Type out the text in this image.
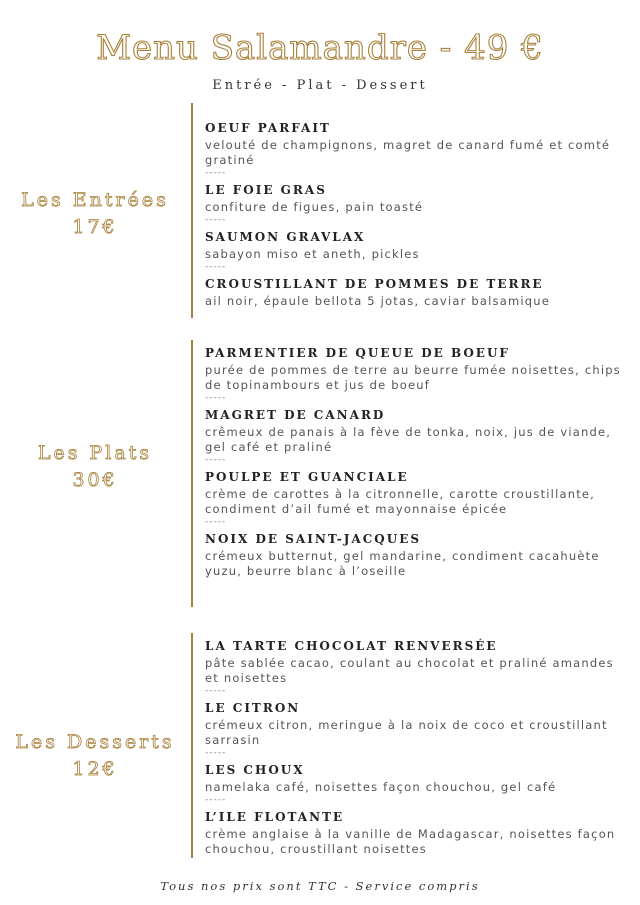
Menu Salamandre - 49 €
Entrée - Plat - Dessert
Les Entrées
17€
OEUF PARFAIT
velouté de champignons, magret de canard fumé et comté gratiné
-----
LE FOIE GRAS
confiture de figues, pain toasté
-----
SAUMON GRAVLAX
sabayon miso et aneth, pickles
-----
CROUSTILLANT DE POMMES DE TERRE
ail noir, épaule bellota 5 jotas, caviar balsamique
Les Plats
30€
PARMENTIER DE QUEUE DE BOEUF
purée de pommes de terre au beurre fumée noisettes, chips de topinambours et jus de boeuf
-----
MAGRET DE CANARD
crêmeux de panais à la fève de tonka, noix, jus de viande, gel café et praliné
-----
POULPE ET GUANCIALE
crème de carottes à la citronnelle, carotte croustillante, condiment d’ail fumé et mayonnaise épicée
-----
NOIX DE SAINT-JACQUES
crémeux butternut, gel mandarine, condiment cacahuète yuzu, beurre blanc à l’oseille
Les Desserts
12€
LA TARTE CHOCOLAT RENVERSÉE
pâte sablée cacao, coulant au chocolat et praliné amandes et noisettes
-----
LE CITRON
crémeux citron, meringue à la noix de coco et croustillant sarrasin
-----
LES CHOUX
namelaka café, noisettes façon chouchou, gel café
-----
L’ILE FLOTANTE
crème anglaise à la vanille de Madagascar, noisettes façon chouchou, croustillant noisettes
Tous nos prix sont TTC - Service compris
